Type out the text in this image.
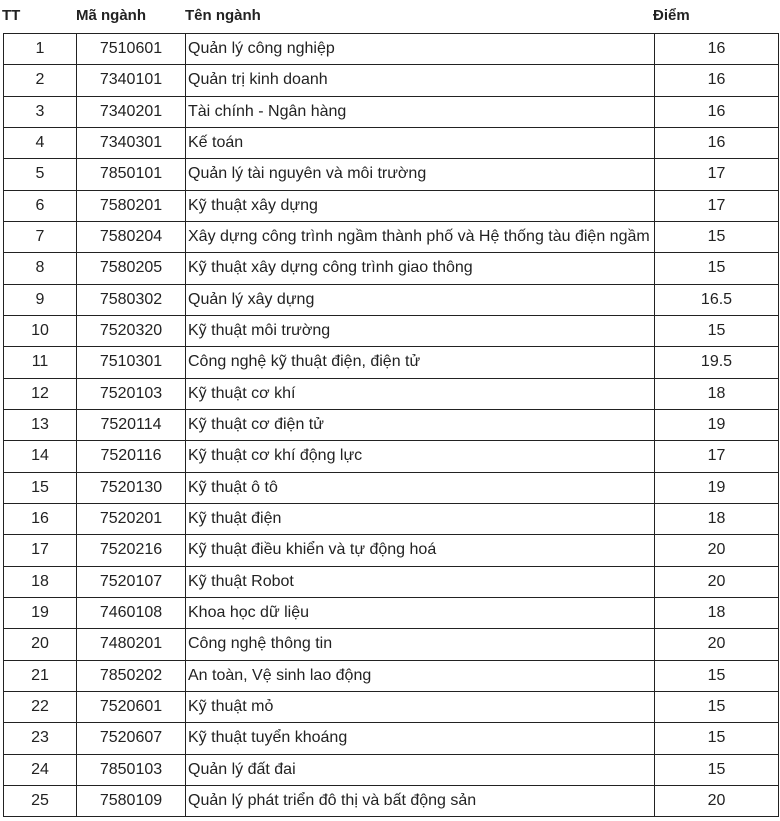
TT	Mã ngành	Tên ngành	Điểm
1	7510601	Quản lý công nghiệp	16
2	7340101	Quản trị kinh doanh	16
3	7340201	Tài chính - Ngân hàng	16
4	7340301	Kế toán	16
5	7850101	Quản lý tài nguyên và môi trường	17
6	7580201	Kỹ thuật xây dựng	17
7	7580204	Xây dựng công trình ngầm thành phố và Hệ thống tàu điện ngầm	15
8	7580205	Kỹ thuật xây dựng công trình giao thông	15
9	7580302	Quản lý xây dựng	16.5
10	7520320	Kỹ thuật môi trường	15
11	7510301	Công nghệ kỹ thuật điện, điện tử	19.5
12	7520103	Kỹ thuật cơ khí	18
13	7520114	Kỹ thuật cơ điện tử	19
14	7520116	Kỹ thuật cơ khí động lực	17
15	7520130	Kỹ thuật ô tô	19
16	7520201	Kỹ thuật điện	18
17	7520216	Kỹ thuật điều khiển và tự động hoá	20
18	7520107	Kỹ thuật Robot	20
19	7460108	Khoa học dữ liệu	18
20	7480201	Công nghệ thông tin	20
21	7850202	An toàn, Vệ sinh lao động	15
22	7520601	Kỹ thuật mỏ	15
23	7520607	Kỹ thuật tuyển khoáng	15
24	7850103	Quản lý đất đai	15
25	7580109	Quản lý phát triển đô thị và bất động sản	20
